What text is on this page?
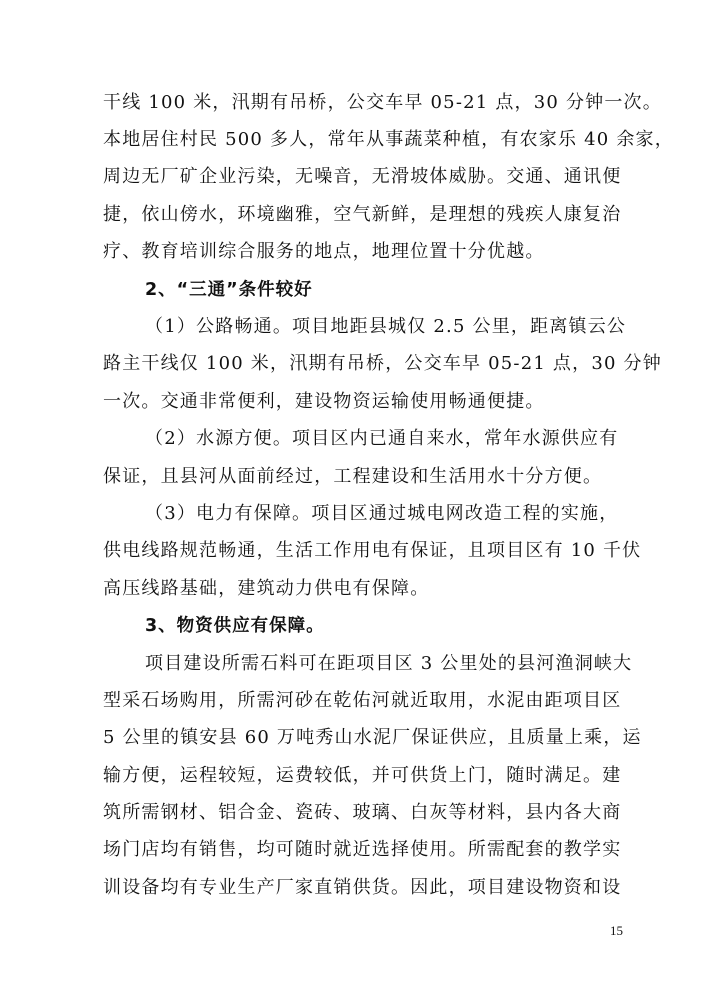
干线 100 米，汛期有吊桥，公交车早 05-21 点，30 分钟一次。
本地居住村民 500 多人，常年从事蔬菜种植，有农家乐 40 余家，
周边无厂矿企业污染，无噪音，无滑坡体威胁。交通、通讯便
捷，依山傍水，环境幽雅，空气新鲜，是理想的残疾人康复治
疗、教育培训综合服务的地点，地理位置十分优越。
2、“三通”条件较好
（1）公路畅通。项目地距县城仅 2.5 公里，距离镇云公
路主干线仅 100 米，汛期有吊桥，公交车早 05-21 点，30 分钟
一次。交通非常便利，建设物资运输使用畅通便捷。
（2）水源方便。项目区内已通自来水，常年水源供应有
保证，且县河从面前经过，工程建设和生活用水十分方便。
（3）电力有保障。项目区通过城电网改造工程的实施，
供电线路规范畅通，生活工作用电有保证，且项目区有 10 千伏
高压线路基础，建筑动力供电有保障。
3、物资供应有保障。
项目建设所需石料可在距项目区 3 公里处的县河渔洞峡大
型采石场购用，所需河砂在乾佑河就近取用，水泥由距项目区
5 公里的镇安县 60 万吨秀山水泥厂保证供应，且质量上乘，运
输方便，运程较短，运费较低，并可供货上门，随时满足。建
筑所需钢材、铝合金、瓷砖、玻璃、白灰等材料，县内各大商
场门店均有销售，均可随时就近选择使用。所需配套的教学实
训设备均有专业生产厂家直销供货。因此，项目建设物资和设
15
